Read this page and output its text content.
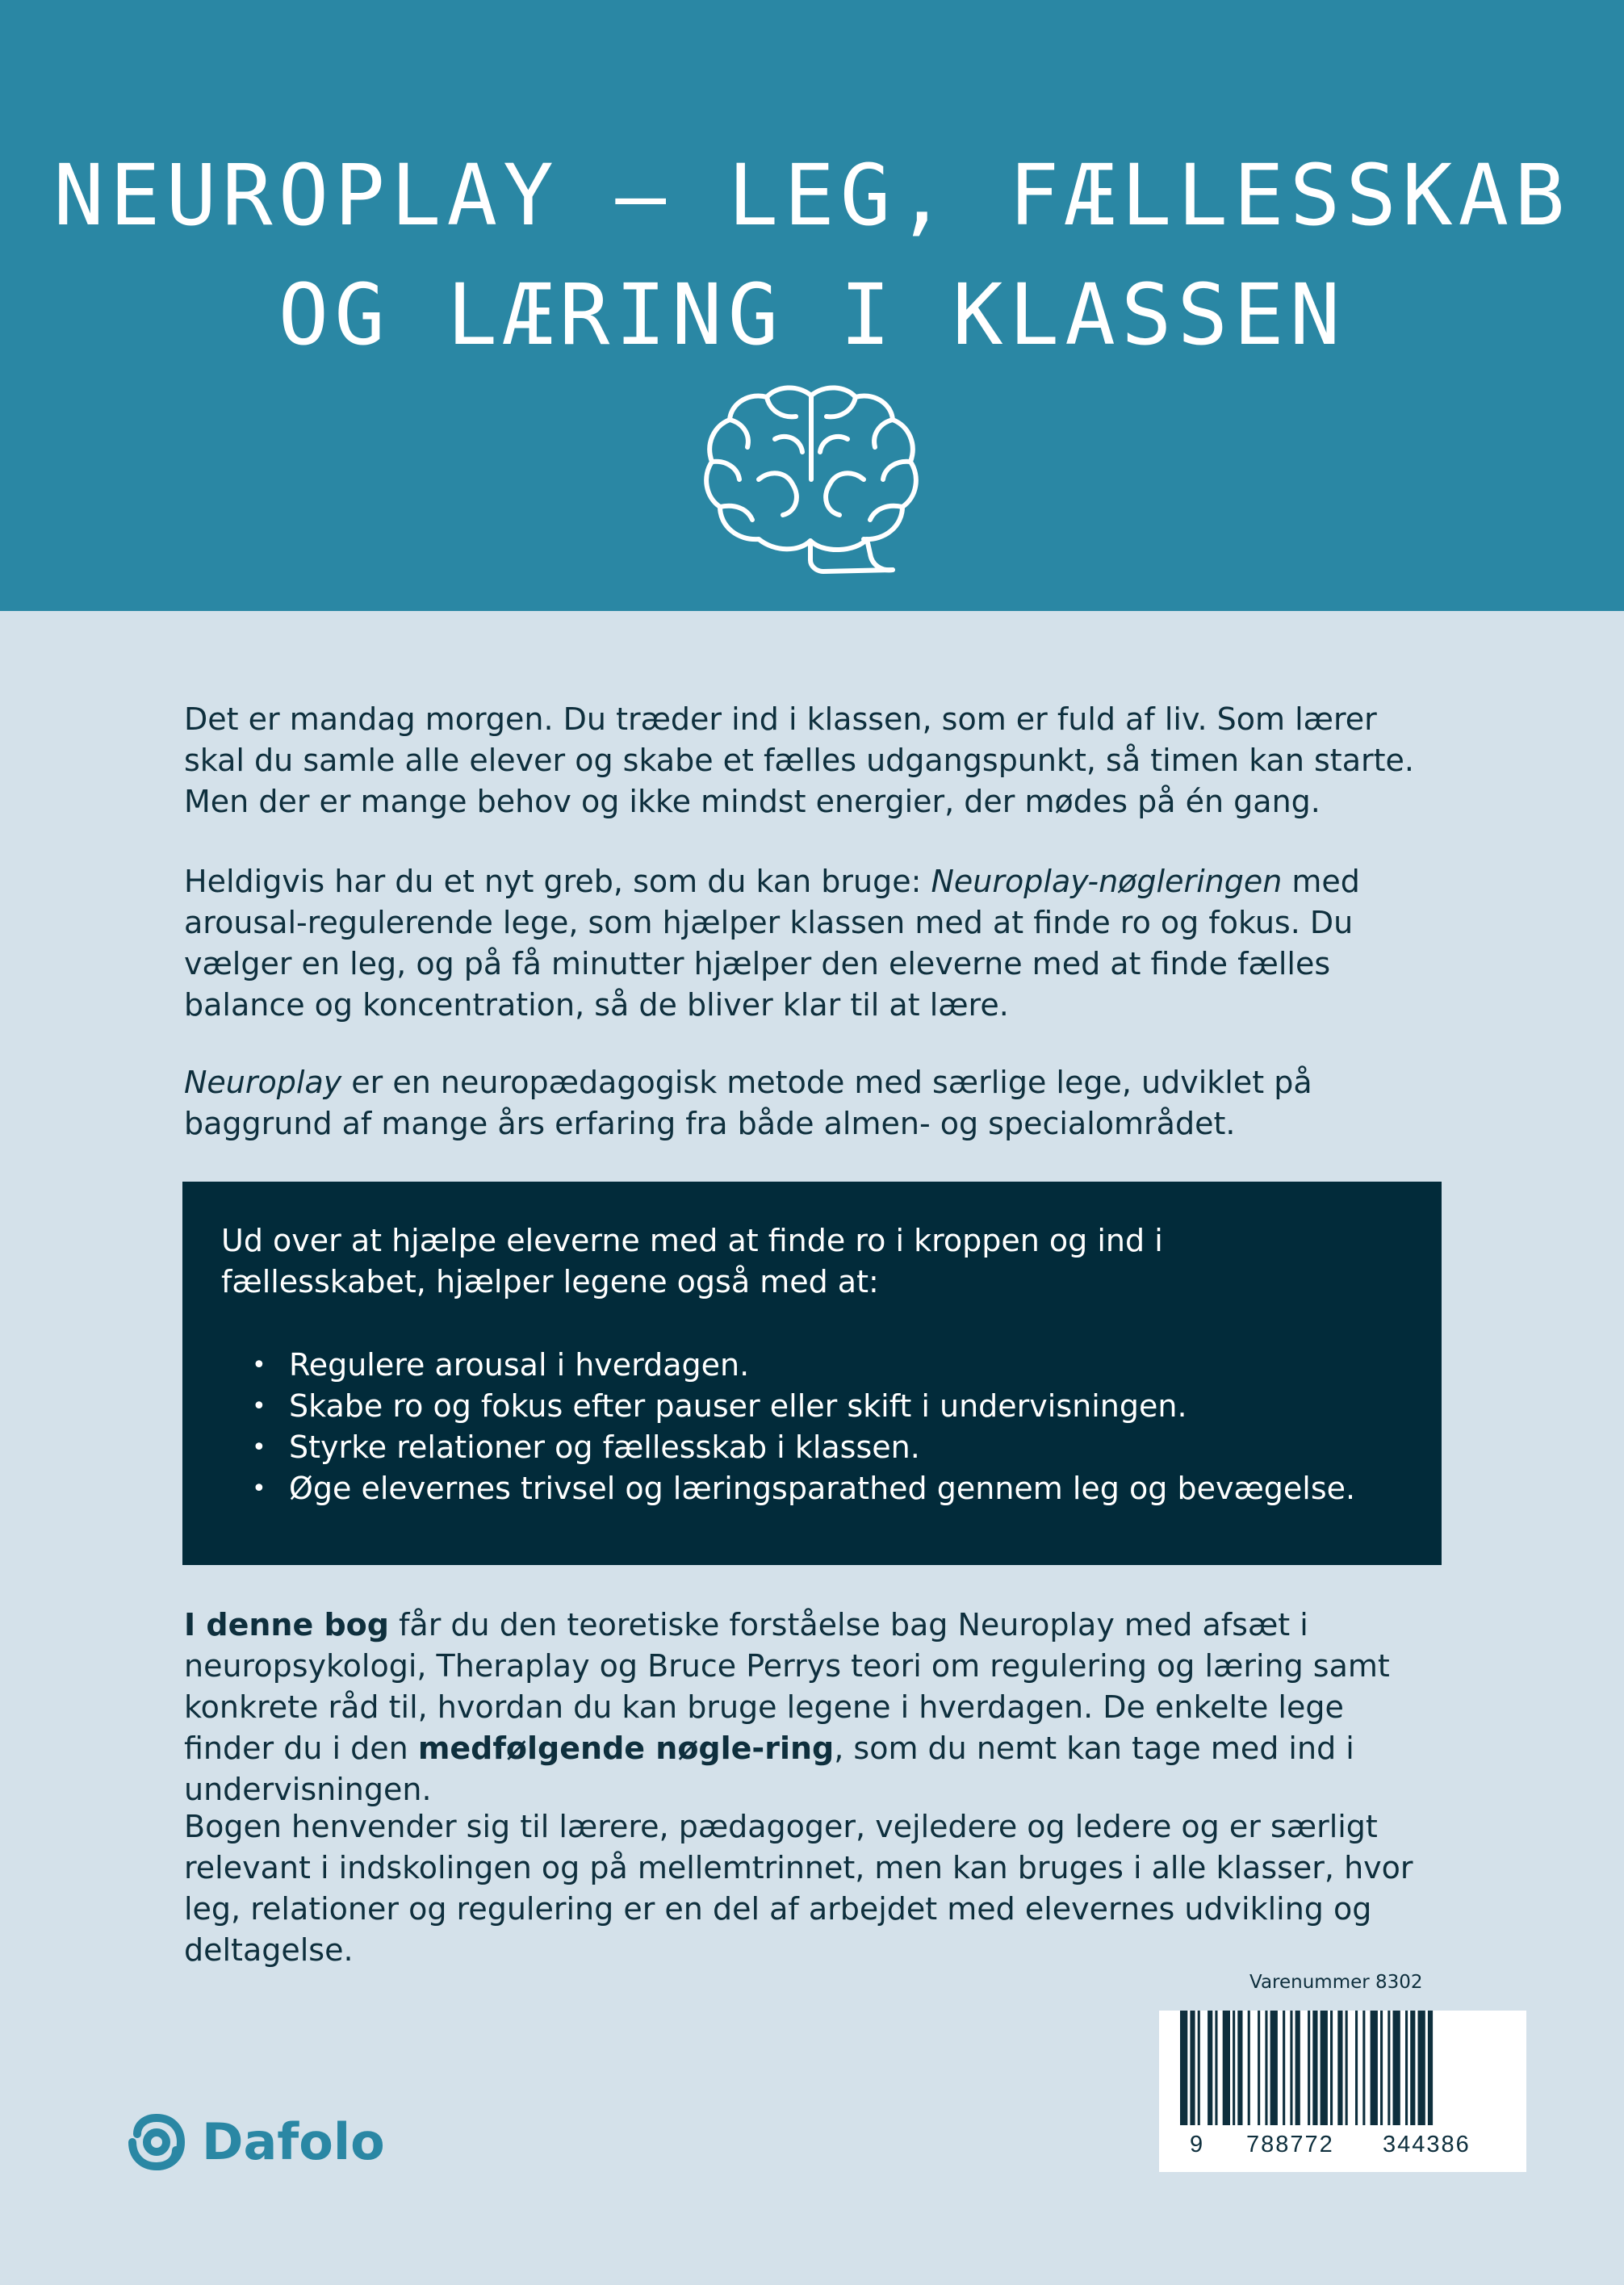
NEUROPLAY – LEG, FÆLLESSKAB
OG LÆRING I KLASSEN

Det er mandag morgen. Du træder ind i klassen, som er fuld af liv. Som lærer skal du samle alle elever og skabe et fælles udgangspunkt, så timen kan starte. Men der er mange behov og ikke mindst energier, der mødes på én gang.

Heldigvis har du et nyt greb, som du kan bruge: Neuroplay-nøgleringen med arousal-regulerende lege, som hjælper klassen med at finde ro og fokus. Du vælger en leg, og på få minutter hjælper den eleverne med at finde fælles balance og koncentration, så de bliver klar til at lære.

Neuroplay er en neuropædagogisk metode med særlige lege, udviklet på baggrund af mange års erfaring fra både almen- og specialområdet.

Ud over at hjælpe eleverne med at finde ro i kroppen og ind i fællesskabet, hjælper legene også med at:
• Regulere arousal i hverdagen.
• Skabe ro og fokus efter pauser eller skift i undervisningen.
• Styrke relationer og fællesskab i klassen.
• Øge elevernes trivsel og læringsparathed gennem leg og bevægelse.

I denne bog får du den teoretiske forståelse bag Neuroplay med afsæt i neuropsykologi, Theraplay og Bruce Perrys teori om regulering og læring samt konkrete råd til, hvordan du kan bruge legene i hverdagen. De enkelte lege finder du i den medfølgende nøgle-ring, som du nemt kan tage med ind i undervisningen.

Bogen henvender sig til lærere, pædagoger, vejledere og ledere og er særligt relevant i indskolingen og på mellemtrinnet, men kan bruges i alle klasser, hvor leg, relationer og regulering er en del af arbejdet med elevernes udvikling og deltagelse.

Dafolo
Varenummer 8302
9 788772 344386
